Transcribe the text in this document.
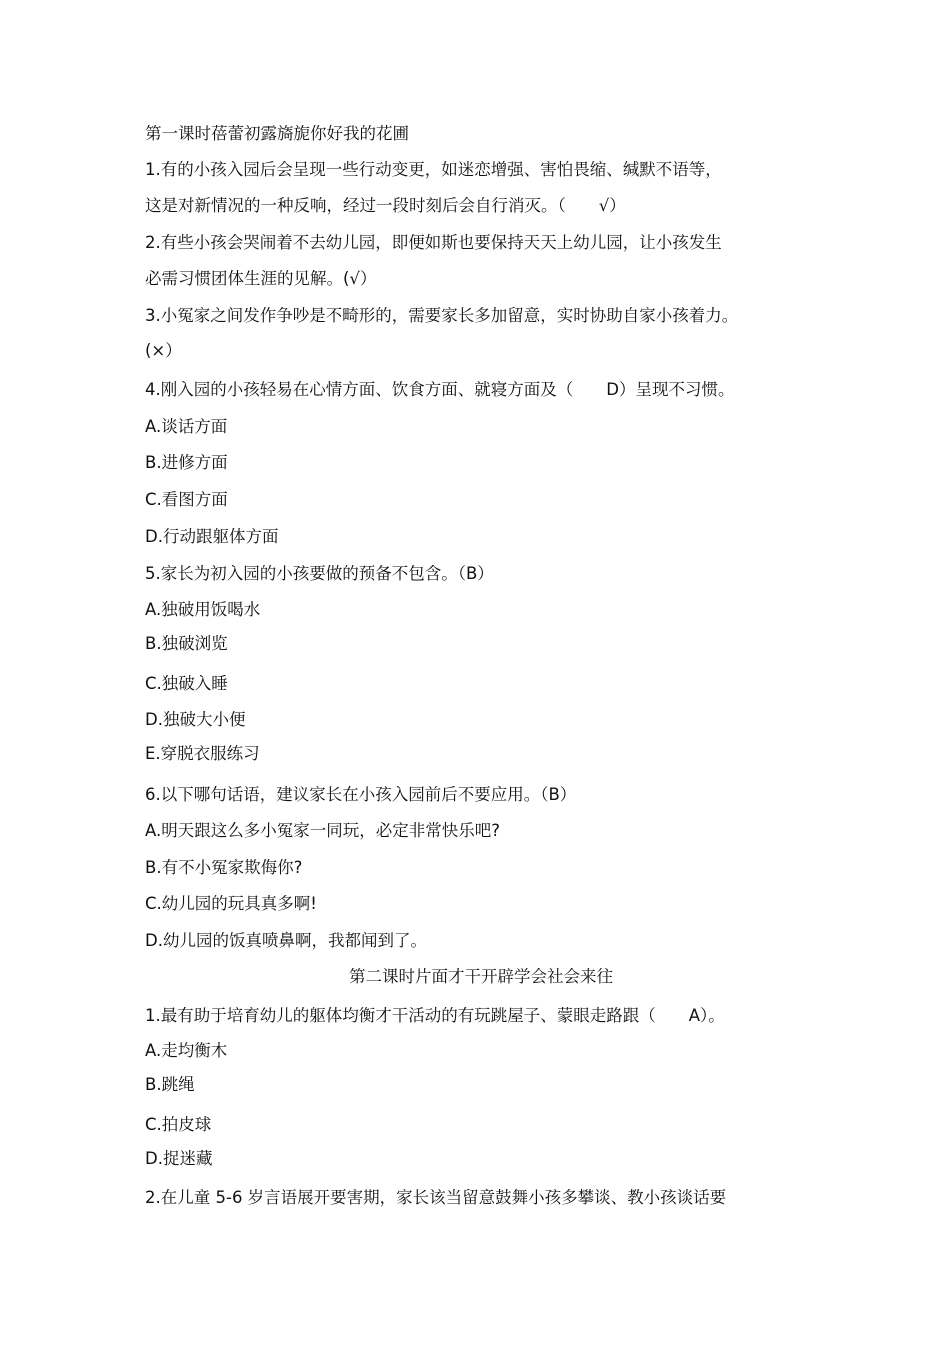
第一课时蓓蕾初露旖旎你好我的花圃
1.有的小孩入园后会呈现一些行动变更，如迷恋增强、害怕畏缩、缄默不语等，
这是对新情况的一种反响，经过一段时刻后会自行消灭。（　　√）
2.有些小孩会哭闹着不去幼儿园，即便如斯也要保持天天上幼儿园，让小孩发生
必需习惯团体生涯的见解。(√）
3.小冤家之间发作争吵是不畸形的，需要家长多加留意，实时协助自家小孩着力。
(×）
4.刚入园的小孩轻易在心情方面、饮食方面、就寝方面及（　　D）呈现不习惯。
A.谈话方面
B.进修方面
C.看图方面
D.行动跟躯体方面
5.家长为初入园的小孩要做的预备不包含。（B）
A.独破用饭喝水
B.独破浏览
C.独破入睡
D.独破大小便
E.穿脱衣服练习
6.以下哪句话语，建议家长在小孩入园前后不要应用。（B）
A.明天跟这么多小冤家一同玩，必定非常快乐吧?
B.有不小冤家欺侮你?
C.幼儿园的玩具真多啊!
D.幼儿园的饭真喷鼻啊，我都闻到了。
第二课时片面才干开辟学会社会来往
1.最有助于培育幼儿的躯体均衡才干活动的有玩跳屋子、蒙眼走路跟（　　A）。
A.走均衡木
B.跳绳
C.拍皮球
D.捉迷藏
2.在儿童 5-6 岁言语展开要害期，家长该当留意鼓舞小孩多攀谈、教小孩谈话要
